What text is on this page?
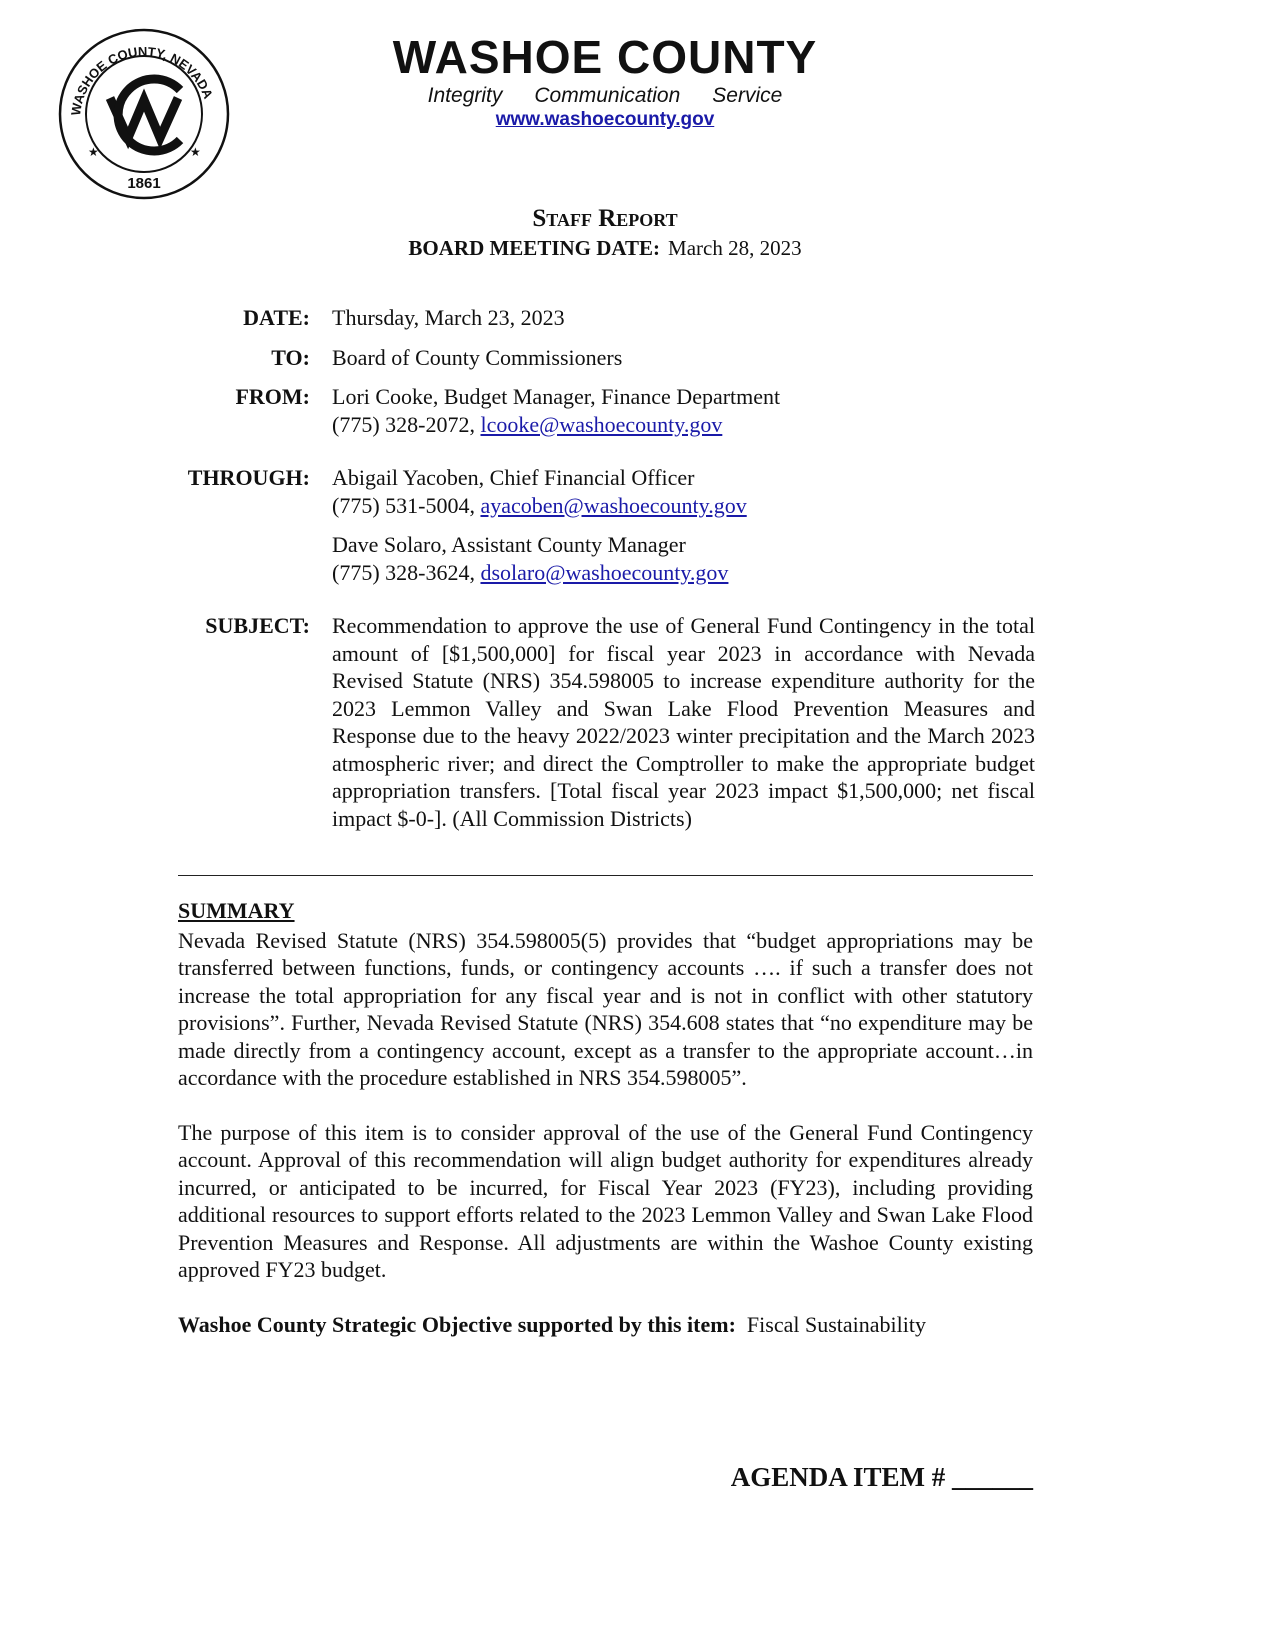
WASHOE COUNTY, NEVADA
1861
★	★
WASHOE COUNTY
Integrity Communication Service
www.washoecounty.gov
Staff Report
BOARD MEETING DATE: March 28, 2023
DATE:	Thursday, March 23, 2023
TO:	Board of County Commissioners
FROM:	Lori Cooke, Budget Manager, Finance Department

(775) 328-2072, lcooke@washoecounty.gov

THROUGH:	Abigail Yacoben, Chief Financial Officer

(775) 531-5004, ayacoben@washoecounty.gov

Dave Solaro, Assistant County Manager

(775) 328-3624, dsolaro@washoecounty.gov

SUBJECT:	Recommendation to approve the use of General Fund Contingency in the total amount of [$1,500,000] for fiscal year 2023 in accordance with Nevada Revised Statute (NRS) 354.598005 to increase expenditure authority for the 2023 Lemmon Valley and Swan Lake Flood Prevention Measures and Response due to the heavy 2022/2023 winter precipitation and the March 2023 atmospheric river; and direct the Comptroller to make the appropriate budget appropriation transfers. [Total fiscal year 2023 impact $1,500,000; net fiscal impact $-0-]. (All Commission Districts)
SUMMARY

Nevada Revised Statute (NRS) 354.598005(5) provides that “budget appropriations may be transferred between functions, funds, or contingency accounts …. if such a transfer does not increase the total appropriation for any fiscal year and is not in conflict with other statutory provisions”. Further, Nevada Revised Statute (NRS) 354.608 states that “no expenditure may be made directly from a contingency account, except as a transfer to the appropriate account…in accordance with the procedure established in NRS 354.598005”.

The purpose of this item is to consider approval of the use of the General Fund Contingency account. Approval of this recommendation will align budget authority for expenditures already incurred, or anticipated to be incurred, for Fiscal Year 2023 (FY23), including providing additional resources to support efforts related to the 2023 Lemmon Valley and Swan Lake Flood Prevention Measures and Response. All adjustments are within the Washoe County existing approved FY23 budget.

Washoe County Strategic Objective supported by this item: Fiscal Sustainability
AGENDA ITEM # ______
